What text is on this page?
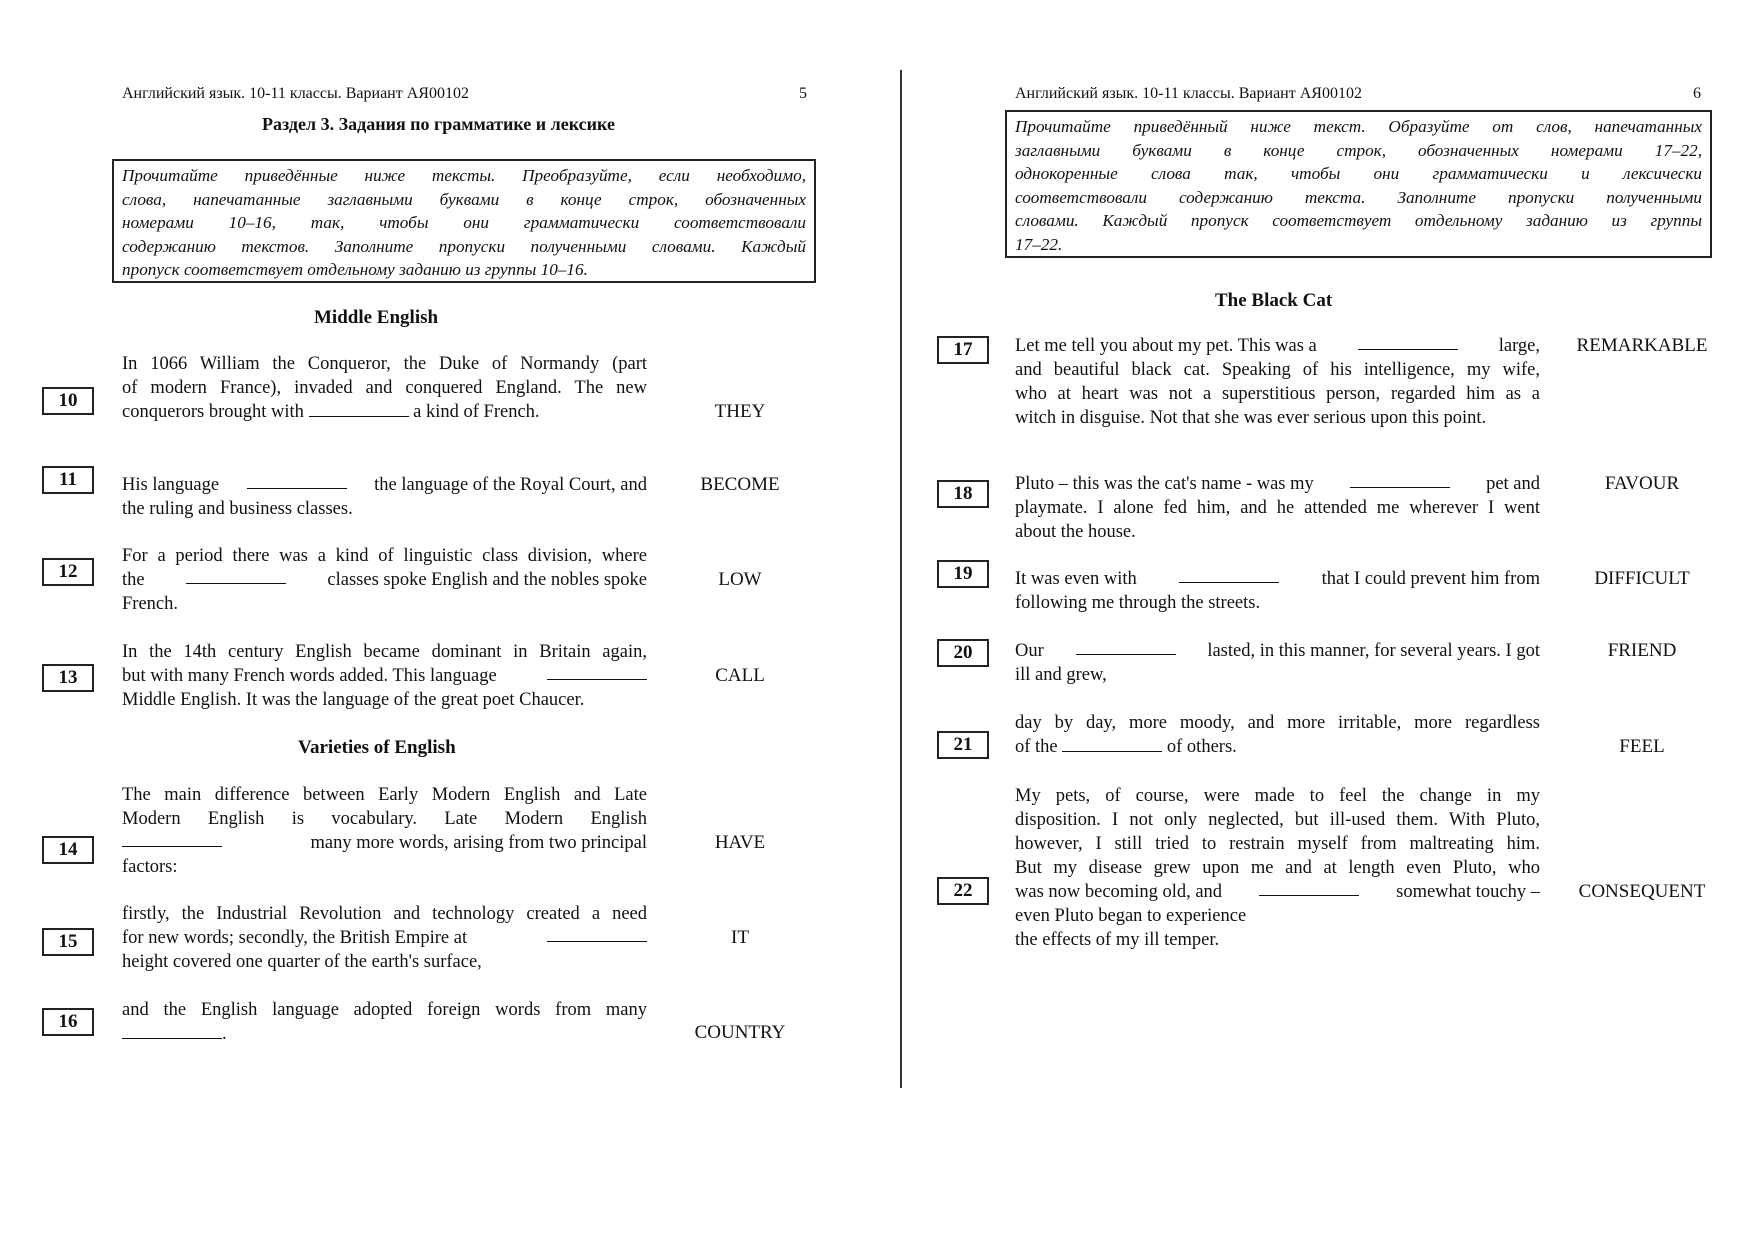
Английский язык. 10-11 классы. Вариант АЯ00102	5
Раздел 3. Задания по грамматике и лексике
Прочитайте приведённые ниже тексты. Преобразуйте, если необходимо,
слова, напечатанные заглавными буквами в конце строк, обозначенных
номерами 10–16, так, чтобы они грамматически соответствовали
содержанию текстов. Заполните пропуски полученными словами. Каждый
пропуск соответствует отдельному заданию из группы 10–16.
Middle English
10
In 1066 William the Conqueror, the Duke of Normandy (part
of modern France), invaded and conquered England. The new
conquerors brought with	a kind of French.	THEY
11	His language	the language of the Royal Court, and
the ruling and business classes.
BECOME
12
For a period there was a kind of linguistic class division, where
the	classes spoke English and the nobles spoke
French.
LOW
13
In the 14th century English became dominant in Britain again,
but with many French words added. This language
Middle English. It was the language of the great poet Chaucer.
CALL
Varieties of English
14
The main difference between Early Modern English and Late
Modern English is vocabulary. Late Modern English
many more words, arising from two principal
factors:
HAVE
15
firstly, the Industrial Revolution and technology created a need
for new words; secondly, the British Empire at
height covered one quarter of the earth's surface,
IT
16
and the English language adopted foreign words from many
.	COUNTRY
Английский язык. 10-11 классы. Вариант АЯ00102	6
Прочитайте приведённый ниже текст. Образуйте от слов, напечатанных
заглавными буквами в конце строк, обозначенных номерами 17–22,
однокоренные слова так, чтобы они грамматически и лексически
соответствовали содержанию текста. Заполните пропуски полученными
словами. Каждый пропуск соответствует отдельному заданию из группы
17–22.
The Black Cat
17	Let me tell you about my pet. This was a	large,
and beautiful black cat. Speaking of his intelligence, my wife,
who at heart was not a superstitious person, regarded him as a
witch in disguise. Not that she was ever serious upon this point.
REMARKABLE
18	Pluto – this was the cat's name - was my	pet and
playmate. I alone fed him, and he attended me wherever I went
about the house.
FAVOUR
19	It was even with	that I could prevent him from
following me through the streets.
DIFFICULT
20	Our	lasted, in this manner, for several years. I got
ill and grew,
FRIEND
21
day by day, more moody, and more irritable, more regardless
of the	of others.	FEEL
22
My pets, of course, were made to feel the change in my
disposition. I not only neglected, but ill-used them. With Pluto,
however, I still tried to restrain myself from maltreating him.
But my disease grew upon me and at length even Pluto, who
was now becoming old, and	somewhat touchy –
even Pluto began to experience
the effects of my ill temper.
CONSEQUENT
